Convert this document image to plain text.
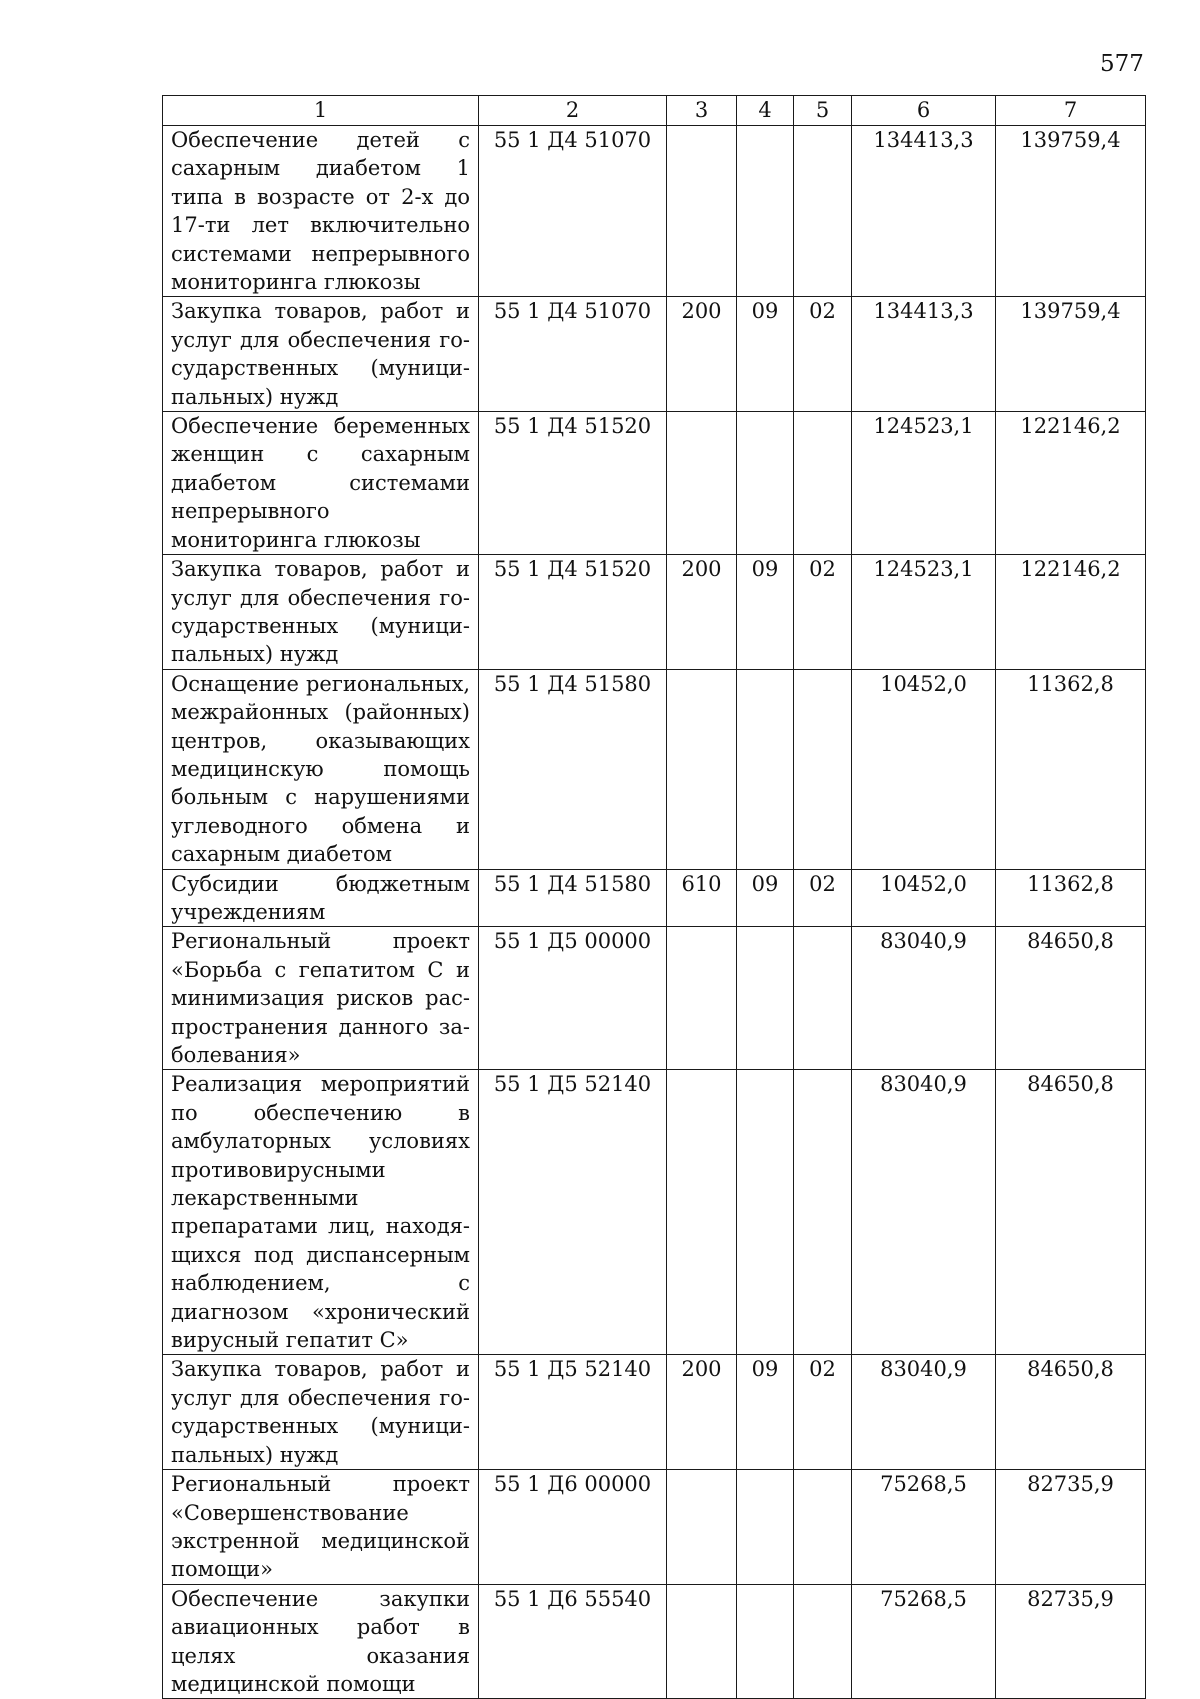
577
1	2	3	4	5	6	7
Обеспечение детей с сахарным диабетом 1 типа в возрасте от 2-х до 17-ти лет включительно системами непрерывного мониторинга глюкозы	55 1 Д4 51070				134413,3	139759,4
Закупка товаров, работ и услуг для обеспечения государственных (муниципальных) нужд	55 1 Д4 51070	200	09	02	134413,3	139759,4
Обеспечение беременных женщин с сахарным диабетом системами непрерывного мониторинга глюкозы	55 1 Д4 51520				124523,1	122146,2
Закупка товаров, работ и услуг для обеспечения государственных (муниципальных) нужд	55 1 Д4 51520	200	09	02	124523,1	122146,2
Оснащение региональных, межрайонных (районных) центров, оказывающих медицинскую помощь больным с нарушениями углеводного обмена и сахарным диабетом	55 1 Д4 51580				10452,0	11362,8
Субсидии бюджетным учреждениям	55 1 Д4 51580	610	09	02	10452,0	11362,8
Региональный проект «Борьба с гепатитом С и минимизация рисков распространения данного заболевания»	55 1 Д5 00000				83040,9	84650,8
Реализация мероприятий по обеспечению в амбулаторных условиях противовирусными лекарственными препаратами лиц, находящихся под диспансерным наблюдением, с диагнозом «хронический вирусный гепатит С»	55 1 Д5 52140				83040,9	84650,8
Закупка товаров, работ и услуг для обеспечения государственных (муниципальных) нужд	55 1 Д5 52140	200	09	02	83040,9	84650,8
Региональный проект «Совершенствование экстренной медицинской помощи»	55 1 Д6 00000				75268,5	82735,9
Обеспечение закупки авиационных работ в целях оказания медицинской помощи	55 1 Д6 55540				75268,5	82735,9
